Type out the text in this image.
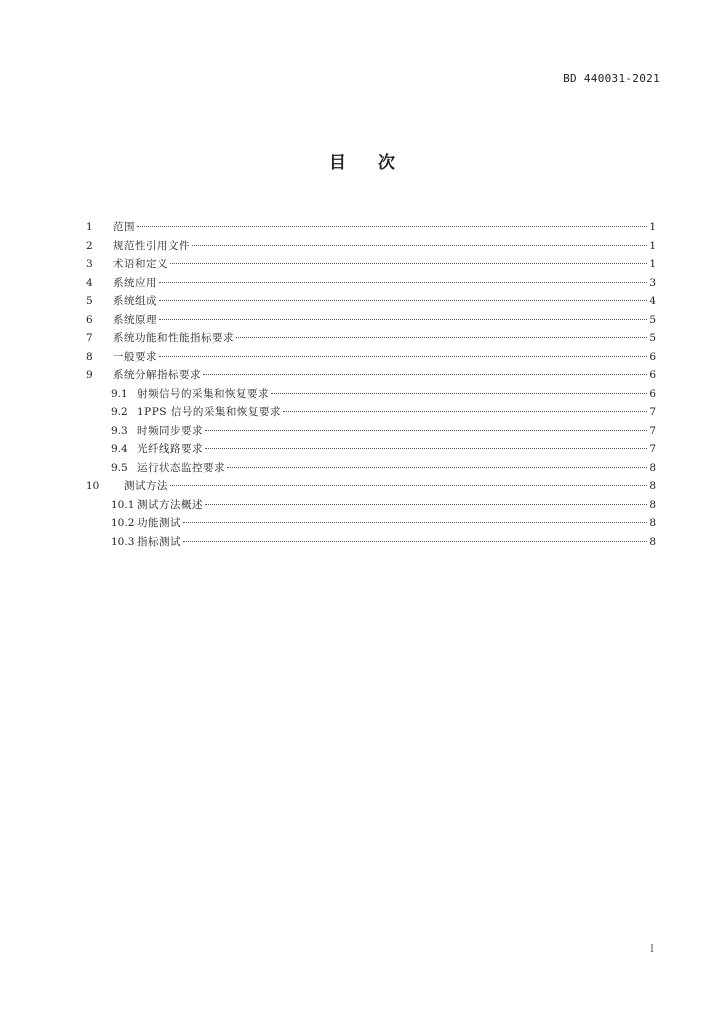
BD 440031-2021
目次
1	范围	1
2	规范性引用文件	1
3	术语和定义	1
4	系统应用	3
5	系统组成	4
6	系统原理	5
7	系统功能和性能指标要求	5
8	一般要求	6
9	系统分解指标要求	6
9.1 射频信号的采集和恢复要求	6
9.2 1PPS 信号的采集和恢复要求	7
9.3 时频同步要求	7
9.4 光纤线路要求	7
9.5 运行状态监控要求	8
10	测试方法	8
10.1 测试方法概述	8
10.2 功能测试	8
10.3 指标测试	8
I
